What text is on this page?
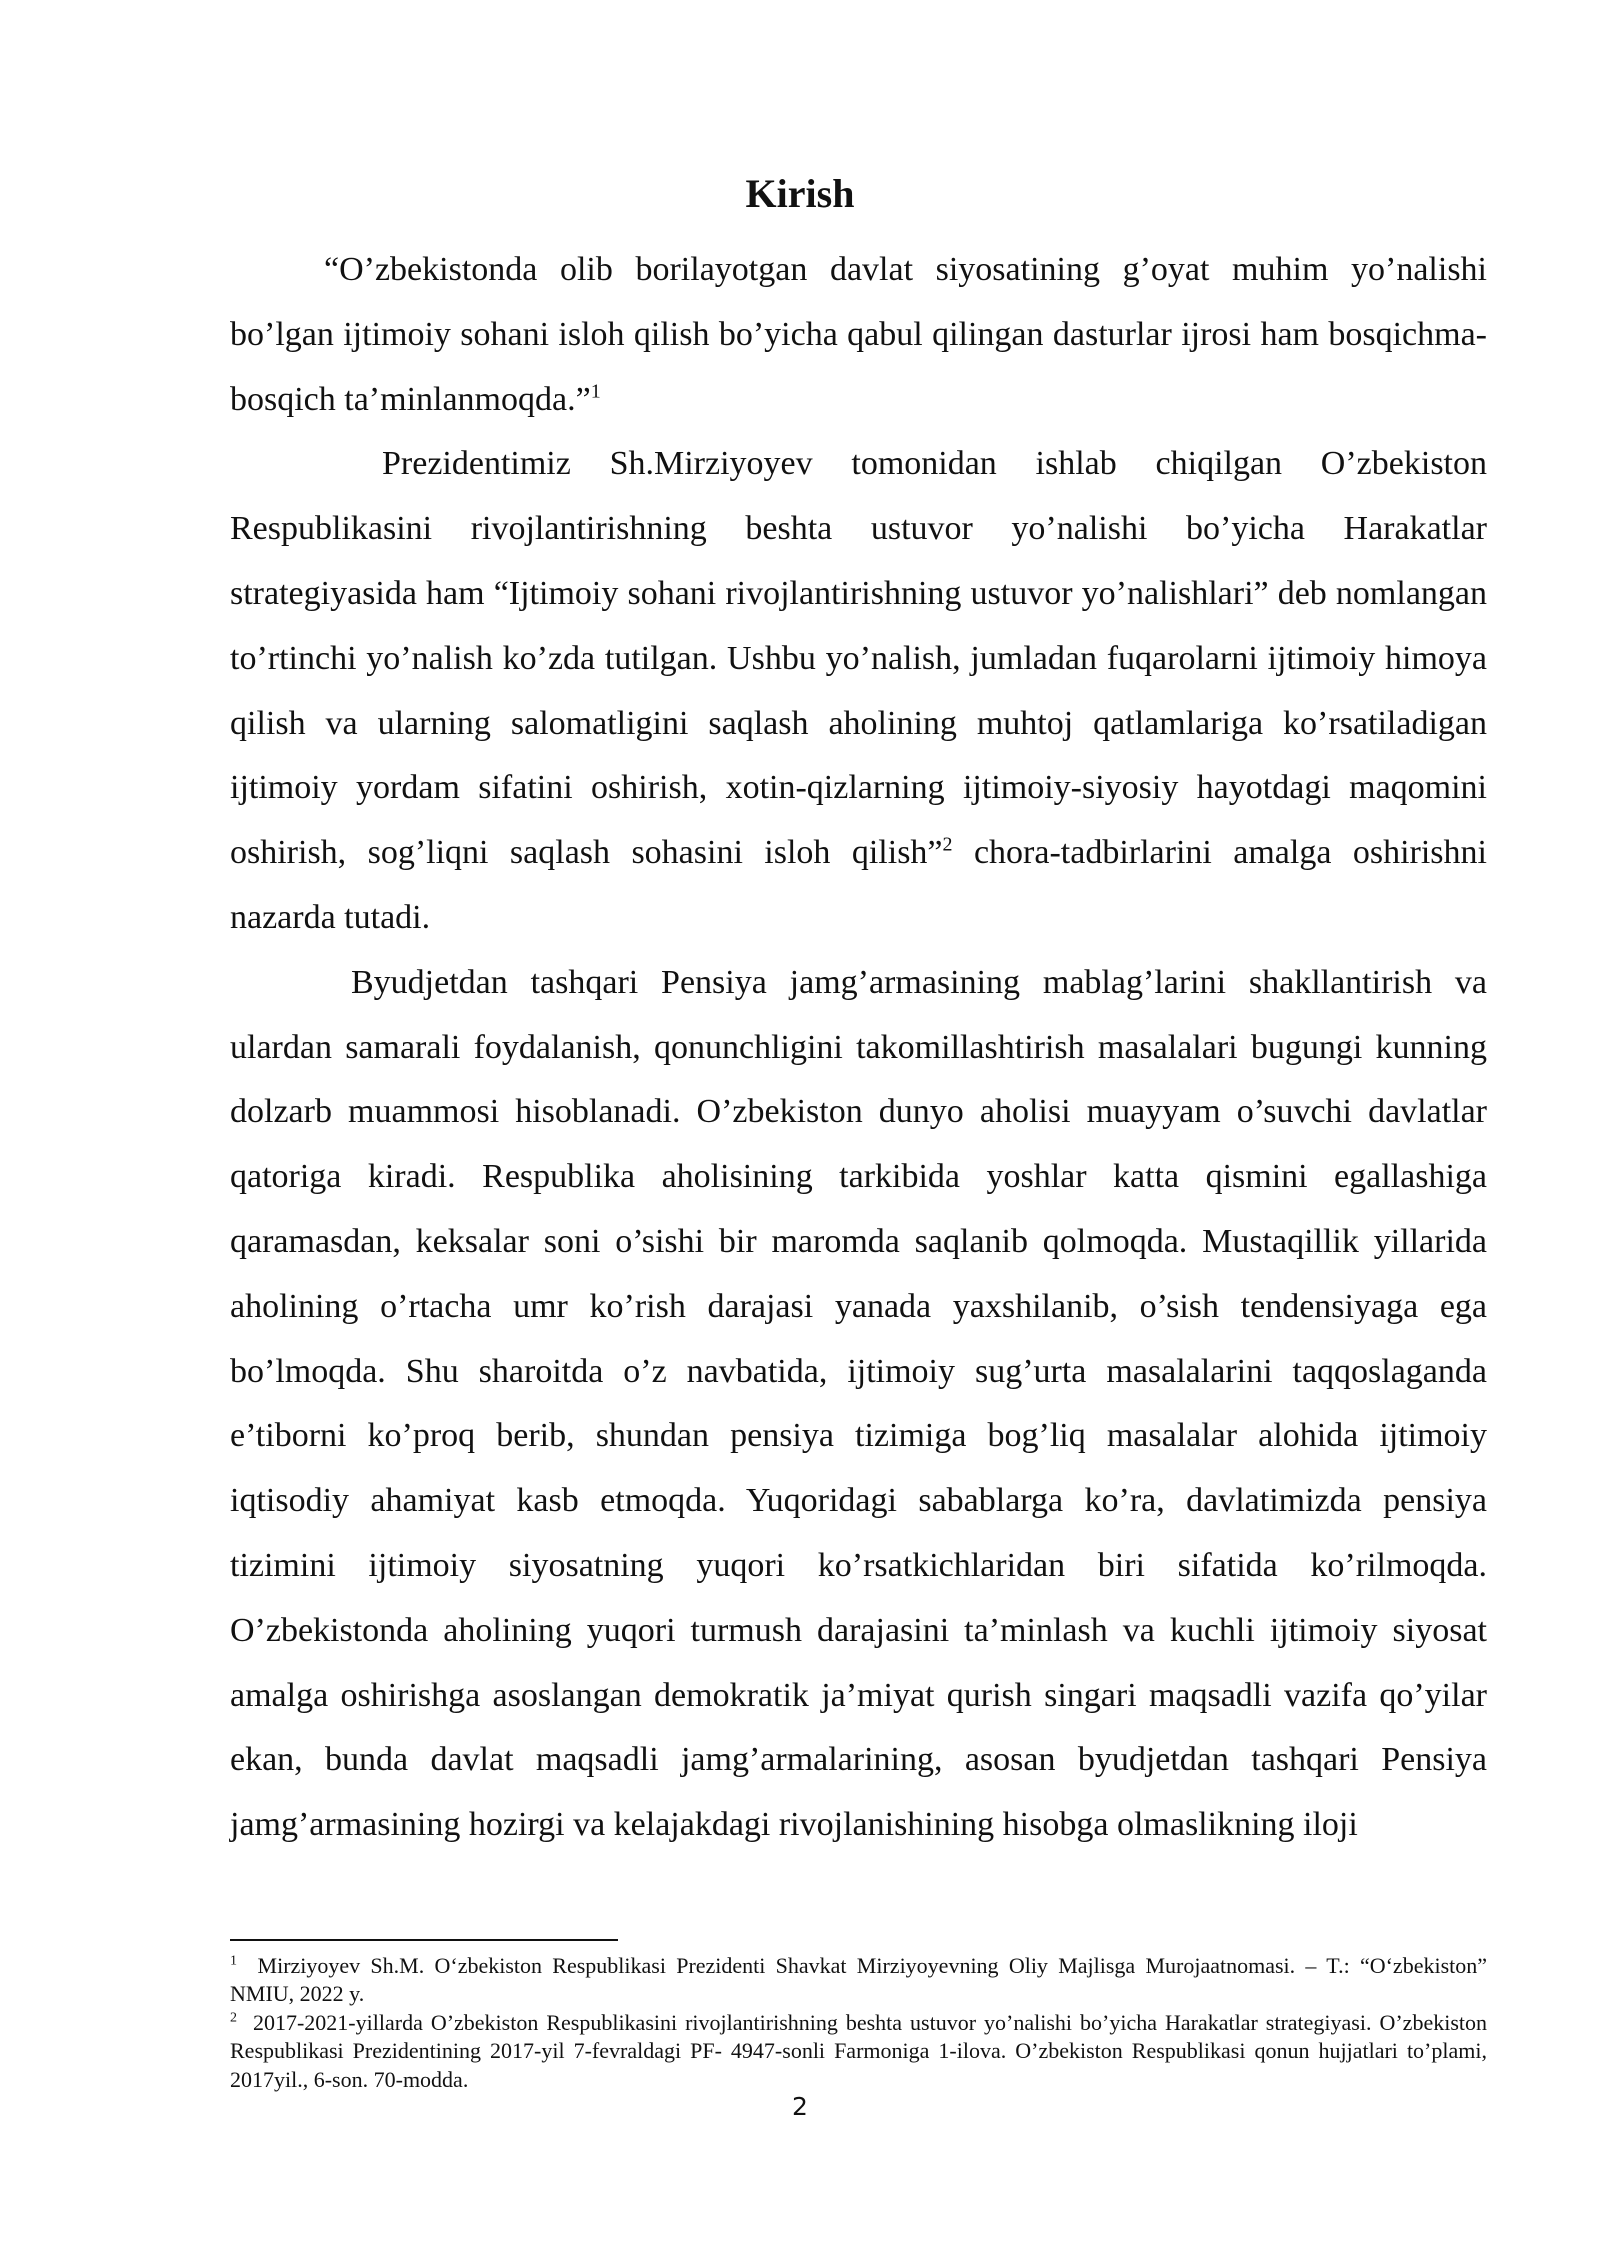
Kirish

“O’zbekistonda olib borilayotgan davlat siyosatining g’oyat muhim yo’nalishi bo’lgan ijtimoiy sohani isloh qilish bo’yicha qabul qilingan dasturlar ijrosi ham bosqichma-bosqich ta’minlanmoqda.”$^1$

Prezidentimiz Sh.Mirziyoyev tomonidan ishlab chiqilgan O’zbekiston Respublikasini rivojlantirishning beshta ustuvor yo’nalishi bo’yicha Harakatlar strategiyasida ham “Ijtimoiy sohani rivojlantirishning ustuvor yo’nalishlari” deb nomlangan to’rtinchi yo’nalish ko’zda tutilgan. Ushbu yo’nalish, jumladan fuqarolarni ijtimoiy himoya qilish va ularning salomatligini saqlash aholining muhtoj qatlamlariga ko’rsatiladigan ijtimoiy yordam sifatini oshirish, xotin-qizlarning ijtimoiy-siyosiy hayotdagi maqomini oshirish, sog’liqni saqlash sohasini isloh qilish”$^2$ chora-tadbirlarini amalga oshirishni nazarda tutadi.

Byudjetdan tashqari Pensiya jamg’armasining mablag’larini shakllantirish va ulardan samarali foydalanish, qonunchligini takomillashtirish masalalari bugungi kunning dolzarb muammosi hisoblanadi. O’zbekiston dunyo aholisi muayyam o’suvchi davlatlar qatoriga kiradi. Respublika aholisining tarkibida yoshlar katta qismini egallashiga qaramasdan, keksalar soni o’sishi bir maromda saqlanib qolmoqda. Mustaqillik yillarida aholining o’rtacha umr ko’rish darajasi yanada yaxshilanib, o’sish tendensiyaga ega bo’lmoqda. Shu sharoitda o’z navbatida, ijtimoiy sug’urta masalalarini taqqoslaganda e’tiborni ko’proq berib, shundan pensiya tizimiga bog’liq masalalar alohida ijtimoiy iqtisodiy ahamiyat kasb etmoqda. Yuqoridagi sabablarga ko’ra, davlatimizda pensiya tizimini ijtimoiy siyosatning yuqori ko’rsatkichlaridan biri sifatida ko’rilmoqda. O’zbekistonda aholining yuqori turmush darajasini ta’minlash va kuchli ijtimoiy siyosat amalga oshirishga asoslangan demokratik ja’miyat qurish singari maqsadli vazifa qo’yilar ekan, bunda davlat maqsadli jamg’armalarining, asosan byudjetdan tashqari Pensiya jamg’armasining hozirgi va kelajakdagi rivojlanishining hisobga olmaslikning iloji

$^1$ Mirziyoyev Sh.M. O‘zbekiston Respublikasi Prezidenti Shavkat Mirziyoyevning Oliy Majlisga Murojaatnomasi. – T.: “O‘zbekiston” NMIU, 2022 y.

$^2$ 2017-2021-yillarda O’zbekiston Respublikasini rivojlantirishning beshta ustuvor yo’nalishi bo’yicha Harakatlar strategiyasi. O’zbekiston Respublikasi Prezidentining 2017-yil 7-fevraldagi PF- 4947-sonli Farmoniga 1-ilova. O’zbekiston Respublikasi qonun hujjatlari to’plami, 2017yil., 6-son. 70-modda.

2
